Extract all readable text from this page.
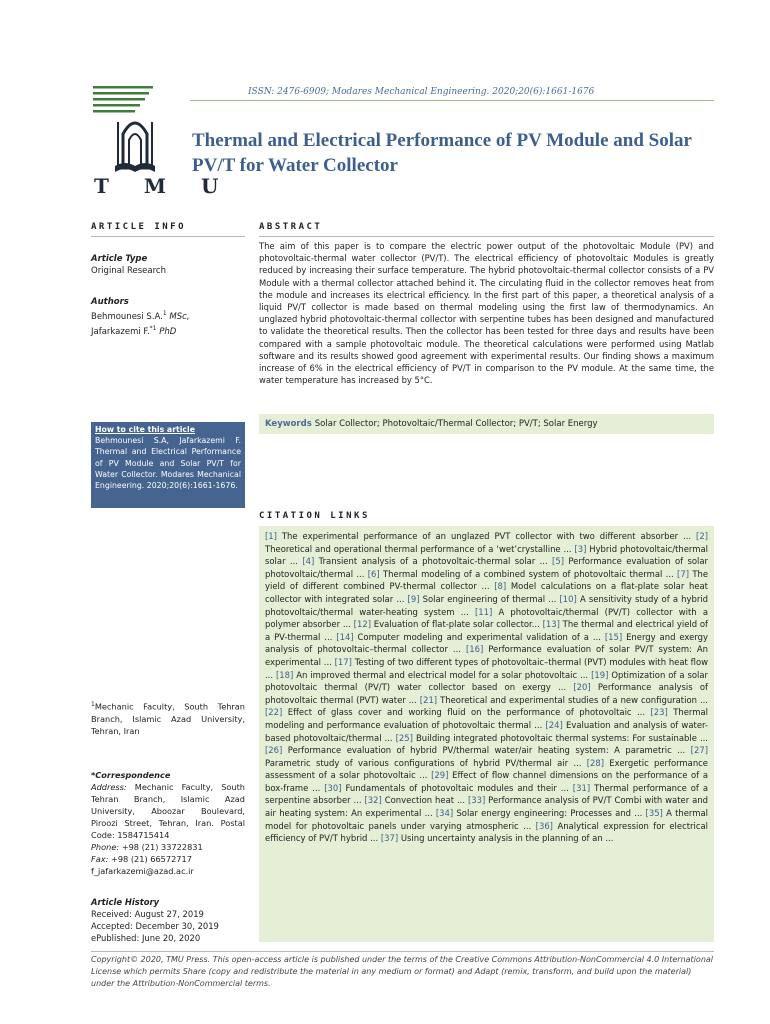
ISSN: 2476-6909; Modares Mechanical Engineering. 2020;20(6):1661-1676
T M U
Thermal and Electrical Performance of PV Module and Solar PV/T for Water Collector
ARTICLE INFO
Article Type
Original Research
Authors
Behmounesi S.A.$^1$ MSc,
Jafarkazemi F.$^{*1}$ PhD
How to cite this article
Behmounesi S.A, Jafarkazemi F. Thermal and Electrical Performance of PV Module and Solar PV/T for Water Collector. Modares Mechanical Engineering. 2020;20(6):1661-1676.
$^1$Mechanic Faculty, South Tehran Branch, Islamic Azad University, Tehran, Iran
*Correspondence
Address: Mechanic Faculty, South Tehran Branch, Islamic Azad University, Aboozar Boulevard, Piroozi Street, Tehran, Iran. Postal Code: 1584715414
Phone: +98 (21) 33722831
Fax: +98 (21) 66572717
f_jafarkazemi@azad.ac.ir
Article History
Received: August 27, 2019
Accepted: December 30, 2019
ePublished: June 20, 2020
ABSTRACT
The aim of this paper is to compare the electric power output of the photovoltaic Module (PV) and photovoltaic-thermal water collector (PV/T). The electrical efficiency of photovoltaic Modules is greatly reduced by increasing their surface temperature. The hybrid photovoltaic-thermal collector consists of a PV Module with a thermal collector attached behind it. The circulating fluid in the collector removes heat from the module and increases its electrical efficiency. In the first part of this paper, a theoretical analysis of a liquid PV/T collector is made based on thermal modeling using the first law of thermodynamics. An unglazed hybrid photovoltaic-thermal collector with serpentine tubes has been designed and manufactured to validate the theoretical results. Then the collector has been tested for three days and results have been compared with a sample photovoltaic module. The theoretical calculations were performed using Matlab software and its results showed good agreement with experimental results. Our finding shows a maximum increase of 6% in the electrical efficiency of PV/T in comparison to the PV module. At the same time, the water temperature has increased by 5°C.
Keywords Solar Collector; Photovoltaic/Thermal Collector; PV/T; Solar Energy
CITATION LINKS
[1] The experimental performance of an unglazed PVT collector with two different absorber ... [2] Theoretical and operational thermal performance of a ‘wet’crystalline ... [3] Hybrid photovoltaic/thermal solar ... [4] Transient analysis of a photovoltaic-thermal solar ... [5] Performance evaluation of solar photovoltaic/thermal ... [6] Thermal modeling of a combined system of photovoltaic thermal ... [7] The yield of different combined PV-thermal collector ... [8] Model calculations on a flat-plate solar heat collector with integrated solar ... [9] Solar engineering of thermal ... [10] A sensitivity study of a hybrid photovoltaic/thermal water-heating system ... [11] A photovoltaic/thermal (PV/T) collector with a polymer absorber ... [12] Evaluation of flat-plate solar collector... [13] The thermal and electrical yield of a PV-thermal ... [14] Computer modeling and experimental validation of a ... [15] Energy and exergy analysis of photovoltaic–thermal collector ... [16] Performance evaluation of solar PV/T system: An experimental ... [17] Testing of two different types of photovoltaic–thermal (PVT) modules with heat flow ... [18] An improved thermal and electrical model for a solar photovoltaic ... [19] Optimization of a solar photovoltaic thermal (PV/T) water collector based on exergy ... [20] Performance analysis of photovoltaic thermal (PVT) water ... [21] Theoretical and experimental studies of a new configuration ... [22] Effect of glass cover and working fluid on the performance of photovoltaic ... [23] Thermal modeling and performance evaluation of photovoltaic thermal ... [24] Evaluation and analysis of water-based photovoltaic/thermal ... [25] Building integrated photovoltaic thermal systems: For sustainable ... [26] Performance evaluation of hybrid PV/thermal water/air heating system: A parametric ... [27] Parametric study of various configurations of hybrid PV/thermal air ... [28] Exergetic performance assessment of a solar photovoltaic ... [29] Effect of flow channel dimensions on the performance of a box-frame ... [30] Fundamentals of photovoltaic modules and their ... [31] Thermal performance of a serpentine absorber ... [32] Convection heat ... [33] Performance analysis of PV/T Combi with water and air heating system: An experimental ... [34] Solar energy engineering: Processes and ... [35] A thermal model for photovoltaic panels under varying atmospheric ... [36] Analytical expression for electrical efficiency of PV/T hybrid ... [37] Using uncertainty analysis in the planning of an ...
Copyright© 2020, TMU Press. This open-access article is published under the terms of the Creative Commons Attribution-NonCommercial 4.0 International License which permits Share (copy and redistribute the material in any medium or format) and Adapt (remix, transform, and build upon the material) under the Attribution-NonCommercial terms.
